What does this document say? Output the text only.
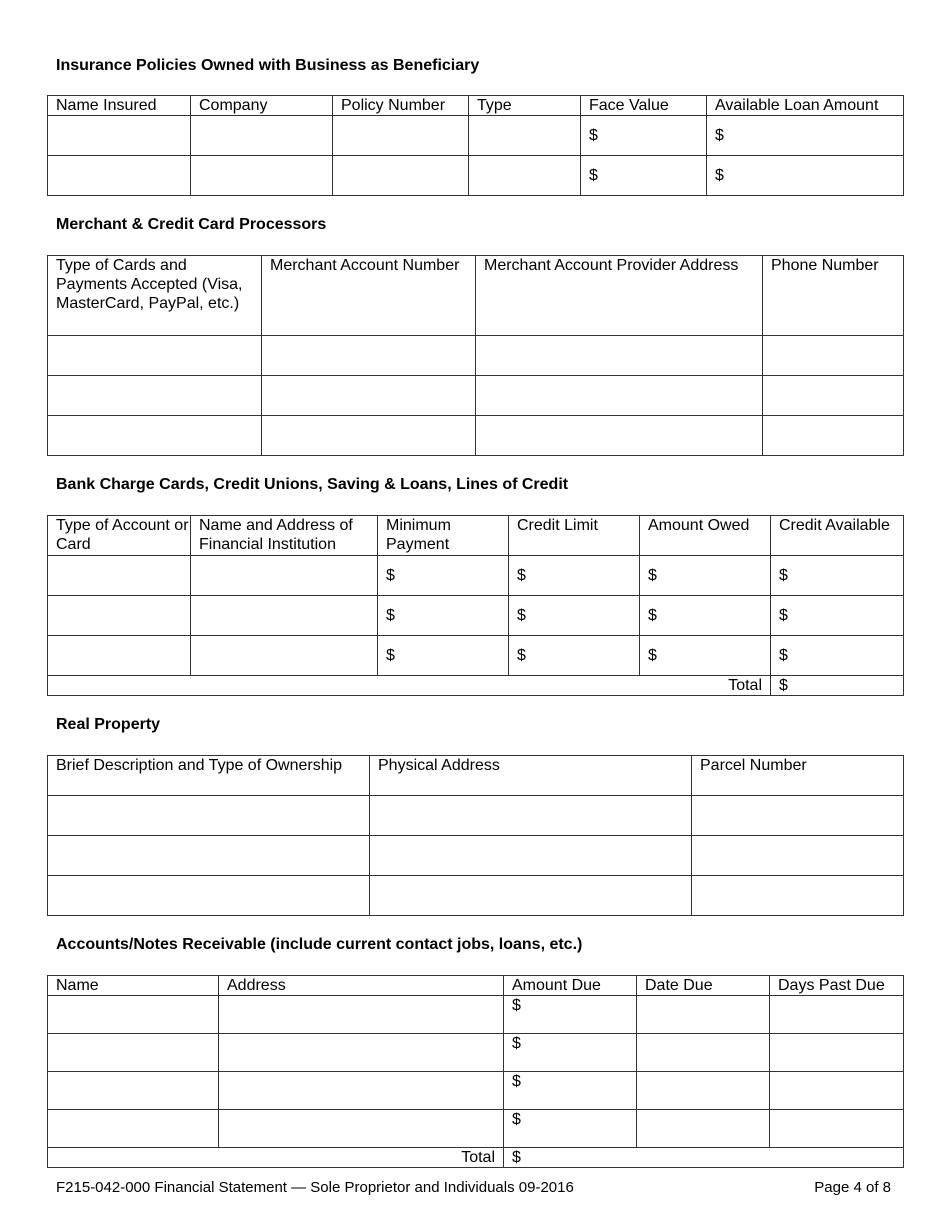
Insurance Policies Owned with Business as Beneficiary
Name Insured	Company	Policy Number	Type	Face Value	Available Loan Amount
				$	$
				$	$
Merchant & Credit Card Processors
Type of Cards and Payments Accepted (Visa, MasterCard, PayPal, etc.)	Merchant Account Number	Merchant Account Provider Address	Phone Number

Bank Charge Cards, Credit Unions, Saving & Loans, Lines of Credit
Type of Account or Card	Name and Address of Financial Institution	Minimum Payment	Credit Limit	Amount Owed	Credit Available
		$	$	$	$
		$	$	$	$
		$	$	$	$
Total					$
Real Property
Brief Description and Type of Ownership	Physical Address	Parcel Number

Accounts/Notes Receivable (include current contact jobs, loans, etc.)
Name	Address	Amount Due	Date Due	Days Past Due
		$		
		$		
		$		
		$		
Total		$		
F215-042-000 Financial Statement — Sole Proprietor and Individuals 09-2016	Page 4 of 8
